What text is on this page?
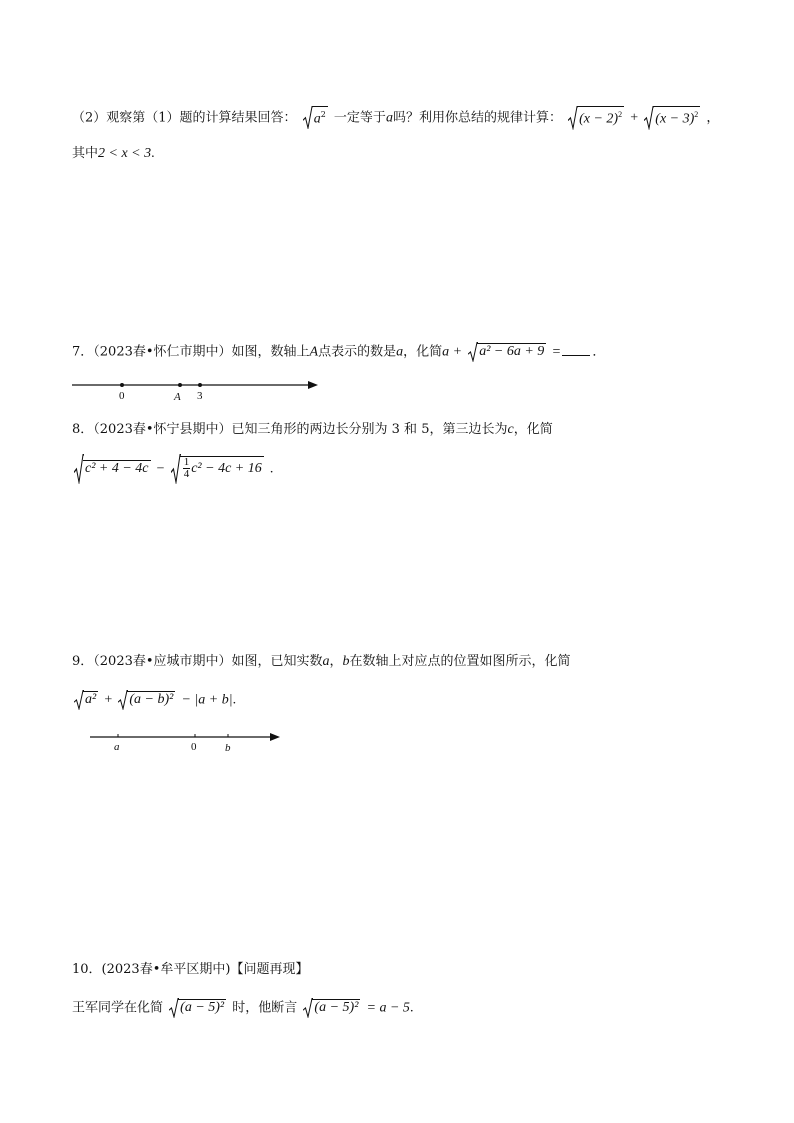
（2）观察第（1）题的计算结果回答： $a^2$ 一定等于a吗？利用你总结的规律计算： $(x - 2)^2 + (x - 3)^2$ ，
其中2 < x < 3.
7．（2023春•怀仁市期中）如图，数轴上A点表示的数是a，化简a + a² − 6a + 9 = ．
0	A 3
8．（2023春•怀宁县期中）已知三角形的两边长分别为 3 和 5，第三边长为c，化简
$c^2 + 4 - 4c - \frac{1}{4} c^2 - 4c + 16$ .
9．（2023春•应城市期中）如图，已知实数a，b在数轴上对应点的位置如图所示，化简
a² + (a − b)² − |a + b|.
a	0	b
10．(2023春•牟平区期中)【问题再现】
王军同学在化简 (a − 5)² 时，他断言 (a − 5)² = a − 5.
